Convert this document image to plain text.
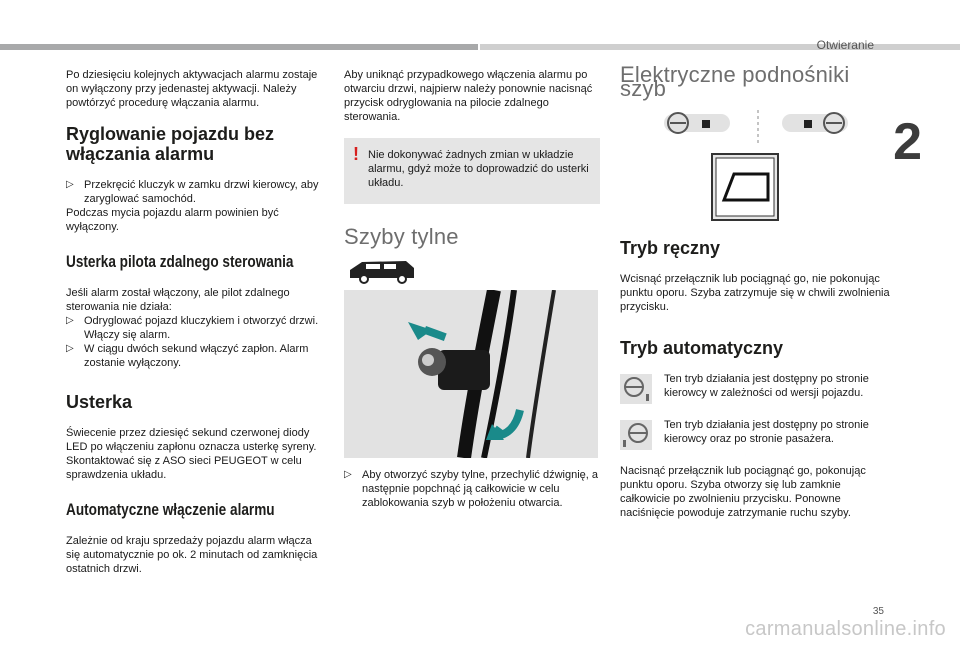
Otwieranie
2

Po dziesięciu kolejnych aktywacjach alarmu zostaje on wyłączony przy jedenastej aktywacji. Należy powtórzyć procedurę włączania alarmu.

Ryglowanie pojazdu bez włączania alarmu
▷ Przekręcić kluczyk w zamku drzwi kierowcy, aby zaryglować samochód.

Podczas mycia pojazdu alarm powinien być wyłączony.

Usterka pilota zdalnego sterowania

Jeśli alarm został włączony, ale pilot zdalnego sterowania nie działa:

▷ Odryglować pojazd kluczykiem i otworzyć drzwi. Włączy się alarm.
▷ W ciągu dwóch sekund włączyć zapłon. Alarm zostanie wyłączony.
Usterka

Świecenie przez dziesięć sekund czerwonej diody LED po włączeniu zapłonu oznacza usterkę syreny.

Skontaktować się z ASO sieci PEUGEOT w celu sprawdzenia układu.

Automatyczne włączenie alarmu

Zależnie od kraju sprzedaży pojazdu alarm włącza się automatycznie po ok. 2 minutach od zamknięcia ostatnich drzwi.

Aby uniknąć przypadkowego włączenia alarmu po otwarciu drzwi, najpierw należy ponownie nacisnąć przycisk odryglowania na pilocie zdalnego sterowania.

! Nie dokonywać żadnych zmian w układzie alarmu, gdyż może to doprowadzić do usterki układu.
Szyby tylne
▷ Aby otworzyć szyby tylne, przechylić dźwignię, a następnie popchnąć ją całkowicie w celu zablokowania szyb w położeniu otwarcia.
Elektryczne podnośniki szyb
Tryb ręczny

Wcisnąć przełącznik lub pociągnąć go, nie pokonując punktu oporu. Szyba zatrzymuje się w chwili zwolnienia przycisku.

Tryb automatyczny
Ten tryb działania jest dostępny po stronie kierowcy w zależności od wersji pojazdu.
Ten tryb działania jest dostępny po stronie kierowcy oraz po stronie pasażera.

Nacisnąć przełącznik lub pociągnąć go, pokonując punktu oporu. Szyba otworzy się lub zamknie całkowicie po zwolnieniu przycisku. Ponowne naciśnięcie powoduje zatrzymanie ruchu szyby.

35
carmanualsonline.info
